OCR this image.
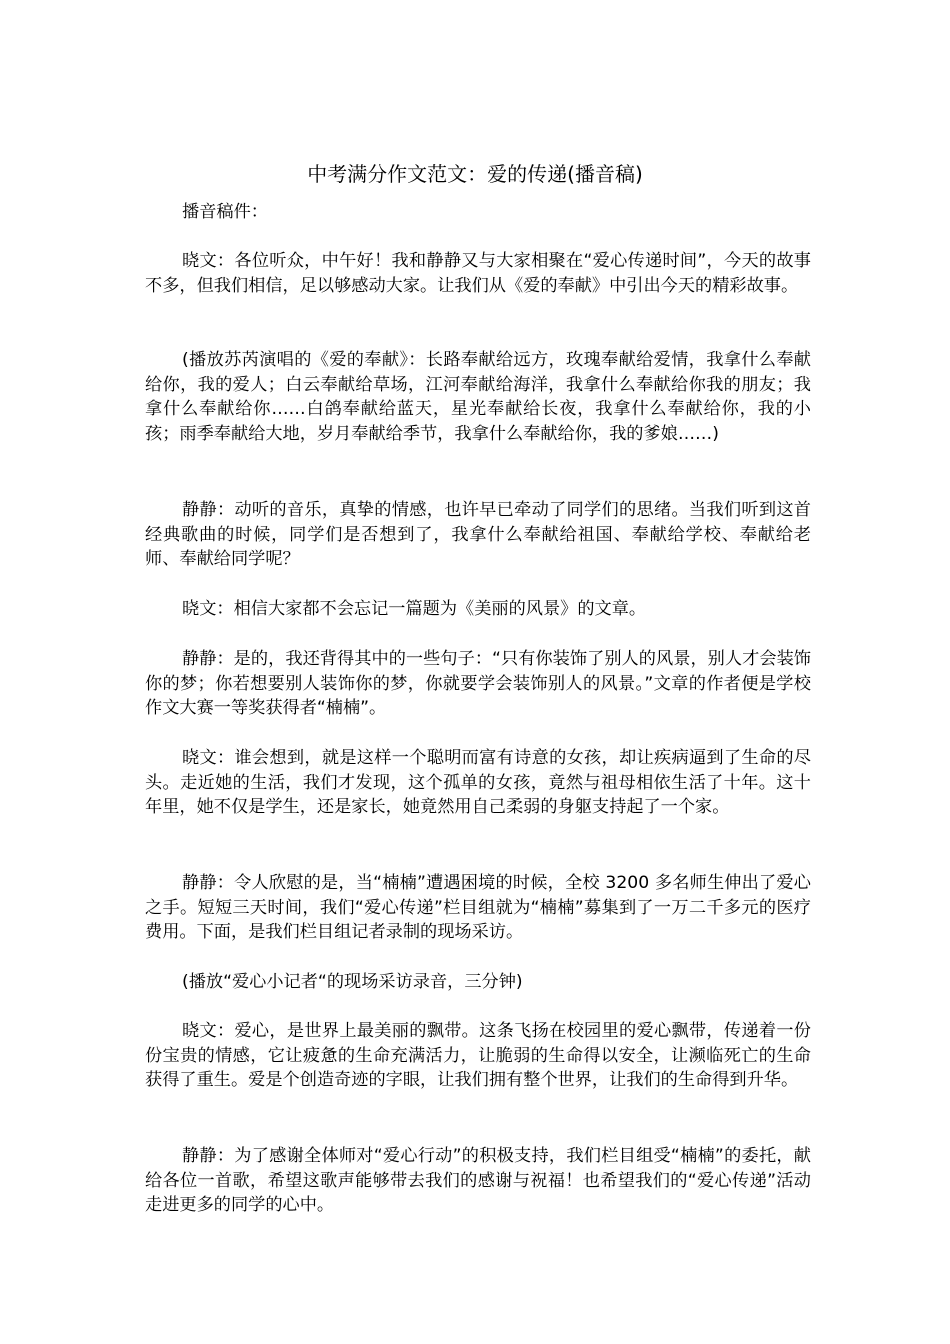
中考满分作文范文：爱的传递(播音稿)

播音稿件：

晓文：各位听众，中午好！我和静静又与大家相聚在“爱心传递时间”，今天的故事不多，但我们相信，足以够感动大家。让我们从《爱的奉献》中引出今天的精彩故事。

(播放苏芮演唱的《爱的奉献》：长路奉献给远方，玫瑰奉献给爱情，我拿什么奉献给你，我的爱人；白云奉献给草场，江河奉献给海洋，我拿什么奉献给你我的朋友；我拿什么奉献给你……白鸽奉献给蓝天，星光奉献给长夜，我拿什么奉献给你，我的小孩；雨季奉献给大地，岁月奉献给季节，我拿什么奉献给你，我的爹娘……)

静静：动听的音乐，真挚的情感，也许早已牵动了同学们的思绪。当我们听到这首经典歌曲的时候，同学们是否想到了，我拿什么奉献给祖国、奉献给学校、奉献给老师、奉献给同学呢？

晓文：相信大家都不会忘记一篇题为《美丽的风景》的文章。

静静：是的，我还背得其中的一些句子：“只有你装饰了别人的风景，别人才会装饰你的梦；你若想要别人装饰你的梦，你就要学会装饰别人的风景。”文章的作者便是学校作文大赛一等奖获得者“楠楠”。

晓文：谁会想到，就是这样一个聪明而富有诗意的女孩，却让疾病逼到了生命的尽头。走近她的生活，我们才发现，这个孤单的女孩，竟然与祖母相依生活了十年。这十年里，她不仅是学生，还是家长，她竟然用自己柔弱的身躯支持起了一个家。

静静：令人欣慰的是，当“楠楠”遭遇困境的时候，全校 3200 多名师生伸出了爱心之手。短短三天时间，我们“爱心传递”栏目组就为“楠楠”募集到了一万二千多元的医疗费用。下面，是我们栏目组记者录制的现场采访。

(播放“爱心小记者“的现场采访录音，三分钟)

晓文：爱心，是世界上最美丽的飘带。这条飞扬在校园里的爱心飘带，传递着一份份宝贵的情感，它让疲惫的生命充满活力，让脆弱的生命得以安全，让濒临死亡的生命获得了重生。爱是个创造奇迹的字眼，让我们拥有整个世界，让我们的生命得到升华。

静静：为了感谢全体师对“爱心行动”的积极支持，我们栏目组受“楠楠”的委托，献给各位一首歌，希望这歌声能够带去我们的感谢与祝福！也希望我们的“爱心传递”活动走进更多的同学的心中。
